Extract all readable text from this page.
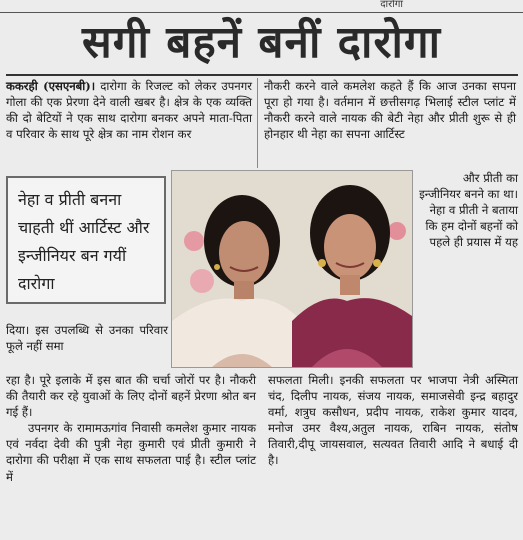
दारोगा
सगी बहनें बनीं दारोगा

ककरही (एसएनबी)। दारोगा के रिजल्ट को लेकर उपनगर गोला की एक प्रेरणा देने वाली खबर है। क्षेत्र के एक व्यक्ति की दो बेटियों ने एक साथ दारोगा बनकर अपने माता-पिता व परिवार के साथ पूरे क्षेत्र का नाम रोशन कर

नौकरी करने वाले कमलेश कहते हैं कि आज उनका सपना पूरा हो गया है। वर्तमान में छत्तीसगढ़ भिलाई स्टील प्लांट में नौकरी करने वाले नायक की बेटी नेहा और प्रीती शुरू से ही होनहार थी नेहा का सपना आर्टिस्ट

नेहा व प्रीती बनना चाहती थीं आर्टिस्ट और इन्जीनियर बन गयीं दारोगा

और प्रीती का इन्जीनियर बनने का था। नेहा व प्रीती ने बताया कि हम दोनों बहनों को पहले ही प्रयास में यह

दिया। इस उपलब्धि से उनका परिवार फूले नहीं समा

रहा है। पूरे इलाके में इस बात की चर्चा जोरों पर है। नौकरी की तैयारी कर रहे युवाओं के लिए दोनों बहनें प्रेरणा श्रोत बन गई हैं।

उपनगर के रामामऊगांव निवासी कमलेश कुमार नायक एवं नर्वदा देवी की पुत्री नेहा कुमारी एवं प्रीती कुमारी ने दारोगा की परीक्षा में एक साथ सफलता पाई है। स्टील प्लांट में

सफलता मिली। इनकी सफलता पर भाजपा नेत्री अस्मिता चंद, दिलीप नायक, संजय नायक, समाजसेवी इन्द्र बहादुर वर्मा, शत्रुघ कसौधन, प्रदीप नायक, राकेश कुमार यादव, मनोज उमर वैश्य,अतुल नायक, राबिन नायक, संतोष तिवारी,दीपू जायसवाल, सत्यवत तिवारी आदि ने बधाई दी है।
